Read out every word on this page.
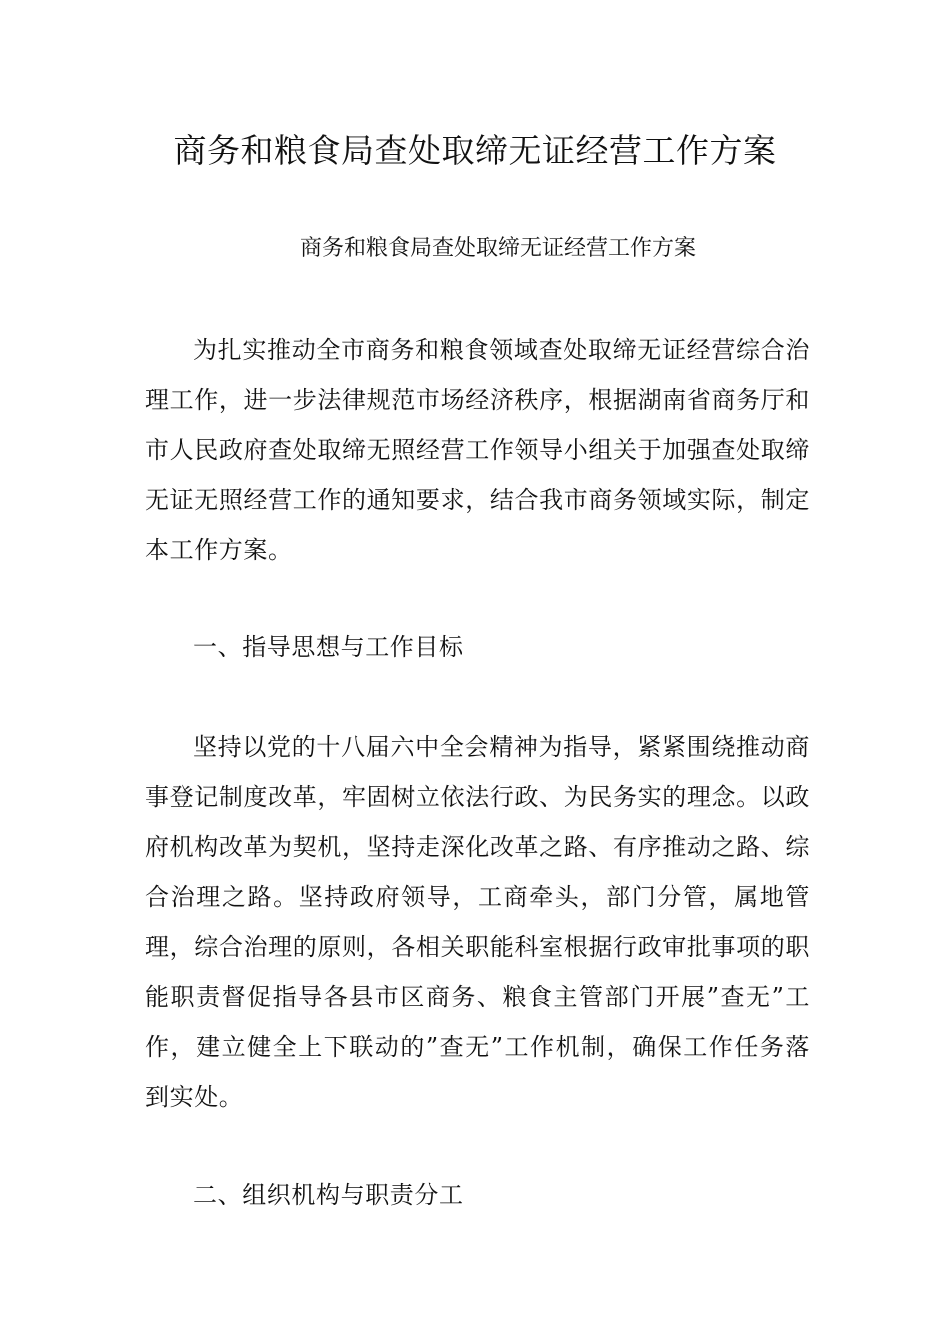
商务和粮食局查处取缔无证经营工作方案

商务和粮食局查处取缔无证经营工作方案

为扎实推动全市商务和粮食领域查处取缔无证经营综合治理工作，进一步法律规范市场经济秩序，根据湖南省商务厅和市人民政府查处取缔无照经营工作领导小组关于加强查处取缔无证无照经营工作的通知要求，结合我市商务领域实际，制定本工作方案。

一、指导思想与工作目标

坚持以党的十八届六中全会精神为指导，紧紧围绕推动商事登记制度改革，牢固树立依法行政、为民务实的理念。以政府机构改革为契机，坚持走深化改革之路、有序推动之路、综合治理之路。坚持政府领导，工商牵头，部门分管，属地管理，综合治理的原则，各相关职能科室根据行政审批事项的职能职责督促指导各县市区商务、粮食主管部门开展”查无”工作，建立健全上下联动的”查无”工作机制，确保工作任务落到实处。

二、组织机构与职责分工
